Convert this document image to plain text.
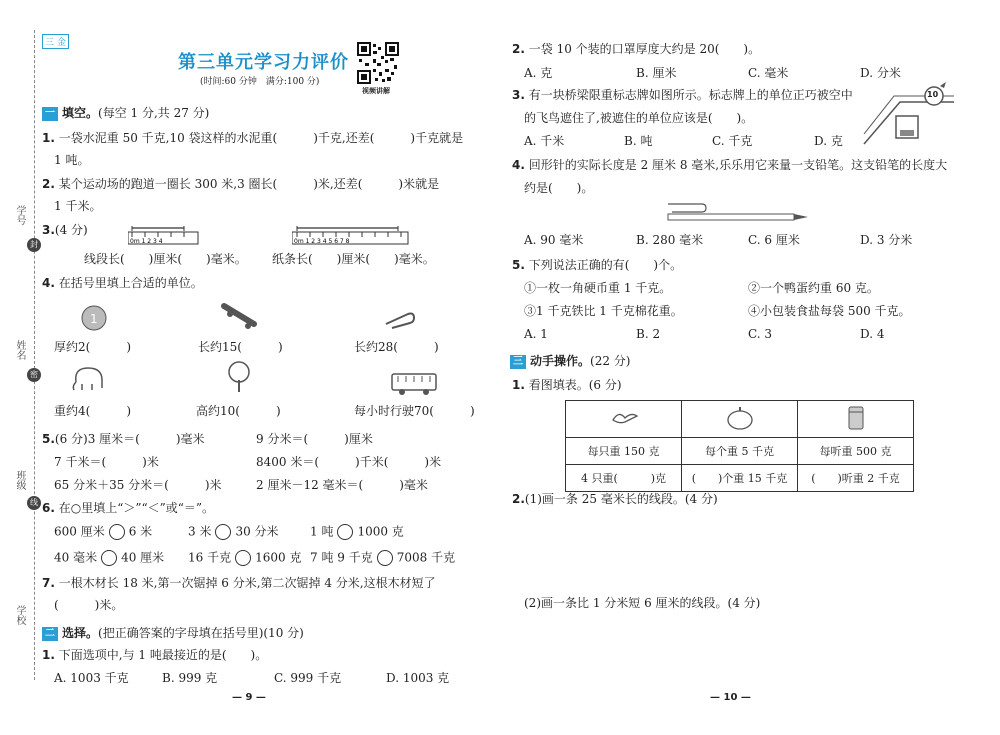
学号
封
姓名
密
班级
线
学校
三 金
第三单元学习力评价
(时间:60 分钟　满分:100 分)
视频讲解
一 填空。(每空 1 分,共 27 分)
1. 一袋水泥重 50 千克,10 袋这样的水泥重(　　　)千克,还差(　　　)千克就是
1 吨。
2. 某个运动场的跑道一圈长 300 米,3 圈长(　　　)米,还差(　　　)米就是
1 千米。
3.(4 分)
0m 1 2 3 4	0m 1 2 3 4 5 6 7 8
线段长(　　)厘米(　　)毫米。 纸条长(　　)厘米(　　)毫米。
4. 在括号里填上合适的单位。
1
厚约2(　　　)	长约15(　　　)	长约28(　　　)
重约4(　　　)	高约10(　　　)	每小时行驶70(　　　)
5.(6 分)3 厘米＝(　　　)毫米	9 分米＝(　　　)厘米
7 千米＝(　　　)米	8400 米＝(　　　)千米(　　　)米
65 分米＋35 分米＝(　　　)米	2 厘米－12 毫米＝(　　　)毫米
6. 在○里填上“＞”“＜”或“＝”。
600 厘米 6 米	3 米 30 分米	1 吨 1000 克
40 毫米 40 厘米 16 千克 1600 克 7 吨 9 千克 7008 千克
7. 一根木材长 18 米,第一次锯掉 6 分米,第二次锯掉 4 分米,这根木材短了
(　　　)米。
二 选择。(把正确答案的字母填在括号里)(10 分)
1. 下面选项中,与 1 吨最接近的是(　　)。
A. 1003 千克	B. 999 克	C. 999 千克	D. 1003 克
— 9 —
2. 一袋 10 个装的口罩厚度大约是 20(　　)。
A. 克	B. 厘米	C. 毫米	D. 分米
3. 有一块桥梁限重标志牌如图所示。标志牌上的单位正巧被空中
的飞鸟遮住了,被遮住的单位应该是(　　)。
A. 千米	B. 吨	C. 千克	D. 克
10
4. 回形针的实际长度是 2 厘米 8 毫米,乐乐用它来量一支铅笔。这支铅笔的长度大
约是(　　)。
A. 90 毫米	B. 280 毫米	C. 6 厘米	D. 3 分米
5. 下列说法正确的有(　　)个。
①一枚一角硬币重 1 千克。	②一个鸭蛋约重 60 克。
③1 千克铁比 1 千克棉花重。	④小包装食盐每袋 500 千克。
A. 1	B. 2	C. 3	D. 4
三 动手操作。(22 分)
1. 看图填表。(6 分)

每只重 150 克	每个重 5 千克	每听重 500 克
4 只重(　　　)克	(　　)个重 15 千克	(　　)听重 2 千克
2.(1)画一条 25 毫米长的线段。(4 分)
(2)画一条比 1 分米短 6 厘米的线段。(4 分)
— 10 —
